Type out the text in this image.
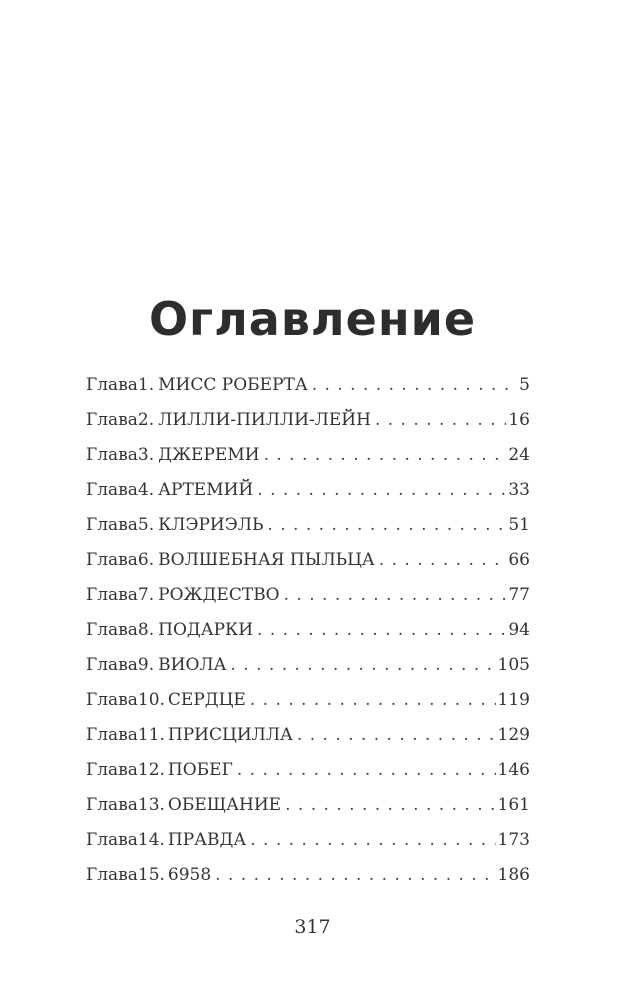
Оглавление
Глава 1. МИСС РОБЕРТА . . .	5
Глава 2. ЛИЛЛИ-ПИЛЛИ-ЛЕЙН . . .	16
Глава 3. ДЖЕРЕМИ . . .	24
Глава 4. АРТЕМИЙ . . .	33
Глава 5. КЛЭРИЭЛЬ . . .	51
Глава 6. ВОЛШЕБНАЯ ПЫЛЬЦА . . .	66
Глава 7. РОЖДЕСТВО . . .	77
Глава 8. ПОДАРКИ . . .	94
Глава 9. ВИОЛА . . .	105
Глава 10. СЕРДЦЕ . . .	119
Глава 11. ПРИСЦИЛЛА . . .	129
Глава 12. ПОБЕГ . . .	146
Глава 13. ОБЕЩАНИЕ . . .	161
Глава 14. ПРАВДА . . .	173
Глава 15. 6958 . . .	186
317
